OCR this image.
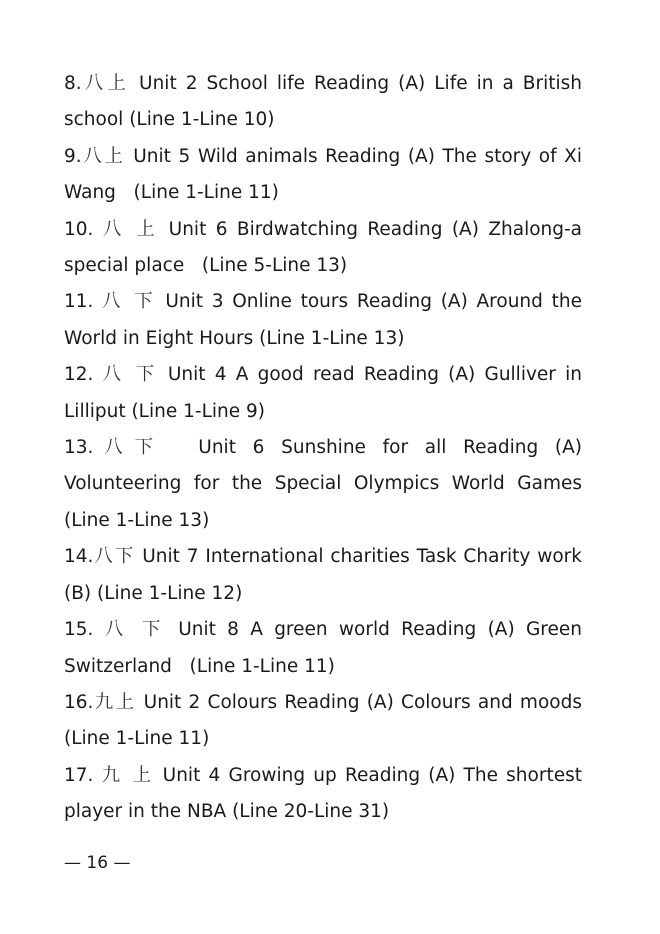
8.八上 Unit 2 School life Reading (A) Life in a British school (Line 1-Line 10)

9.八上 Unit 5 Wild animals Reading (A) The story of Xi Wang   (Line 1-Line 11)

10. 八 上 Unit 6 Birdwatching Reading (A) Zhalong-a special place   (Line 5-Line 13)

11. 八 下 Unit 3 Online tours Reading (A) Around the World in Eight Hours (Line 1-Line 13)

12. 八 下 Unit 4 A good read Reading (A) Gulliver in Lilliput (Line 1-Line 9)

13.八下  Unit 6 Sunshine for all Reading (A) Volunteering for the Special Olympics World Games (Line 1-Line 13)

14.八下 Unit 7 International charities Task Charity work (B) (Line 1-Line 12)

15. 八 下 Unit 8 A green world Reading (A) Green Switzerland   (Line 1-Line 11)

16.九上 Unit 2 Colours Reading (A) Colours and moods (Line 1-Line 11)

17. 九 上 Unit 4 Growing up Reading (A) The shortest player in the NBA (Line 20-Line 31)

— 16 —
